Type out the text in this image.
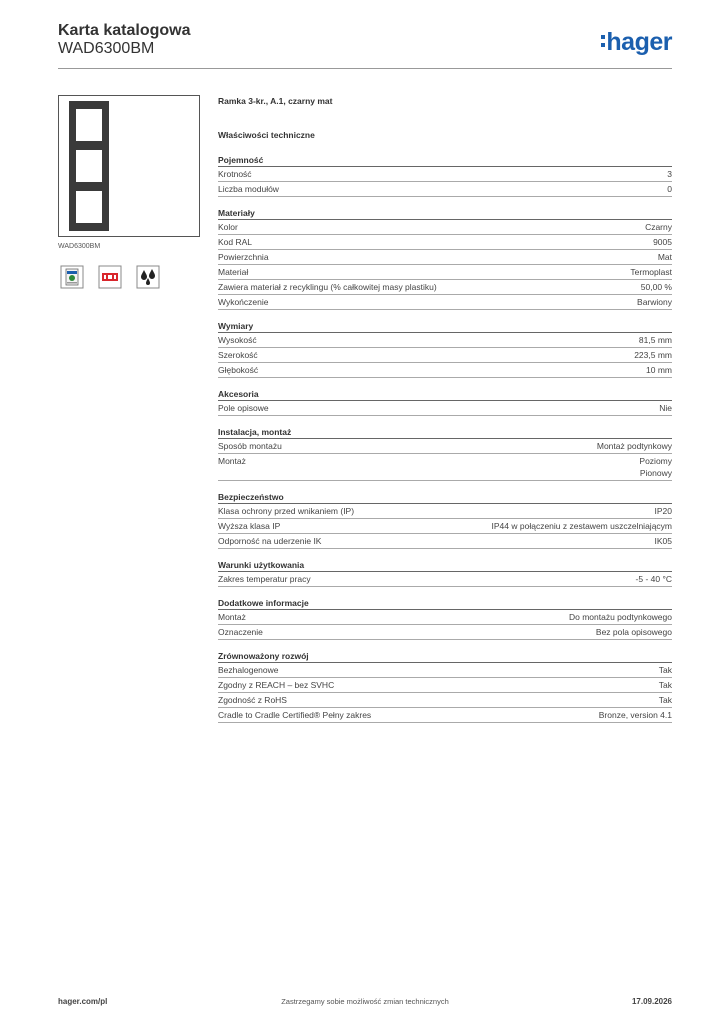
Karta katalogowa
WAD6300BM	hager
WAD6300BM
Ramka 3-kr., A.1, czarny mat
Właściwości techniczne
Pojemność
Krotność	3
Liczba modułów	0
Materiały
Kolor	Czarny
Kod RAL	9005
Powierzchnia	Mat
Materiał	Termoplast
Zawiera materiał z recyklingu (% całkowitej masy plastiku)	50,00 %
Wykończenie	Barwiony
Wymiary
Wysokość	81,5 mm
Szerokość	223,5 mm
Głębokość	10 mm
Akcesoria
Pole opisowe	Nie
Instalacja, montaż
Sposób montażu	Montaż podtynkowy
Montaż	Poziomy
Pionowy
Bezpieczeństwo
Klasa ochrony przed wnikaniem (IP)	IP20
Wyższa klasa IP	IP44 w połączeniu z zestawem uszczelniającym
Odporność na uderzenie IK	IK05
Warunki użytkowania
Zakres temperatur pracy	-5 - 40 °C
Dodatkowe informacje
Montaż	Do montażu podtynkowego
Oznaczenie	Bez pola opisowego
Zrównoważony rozwój
Bezhalogenowe	Tak
Zgodny z REACH – bez SVHC	Tak
Zgodność z RoHS	Tak
Cradle to Cradle Certified® Pełny zakres	Bronze, version 4.1
hager.com/pl	Zastrzegamy sobie możliwość zmian technicznych	17.09.2026
